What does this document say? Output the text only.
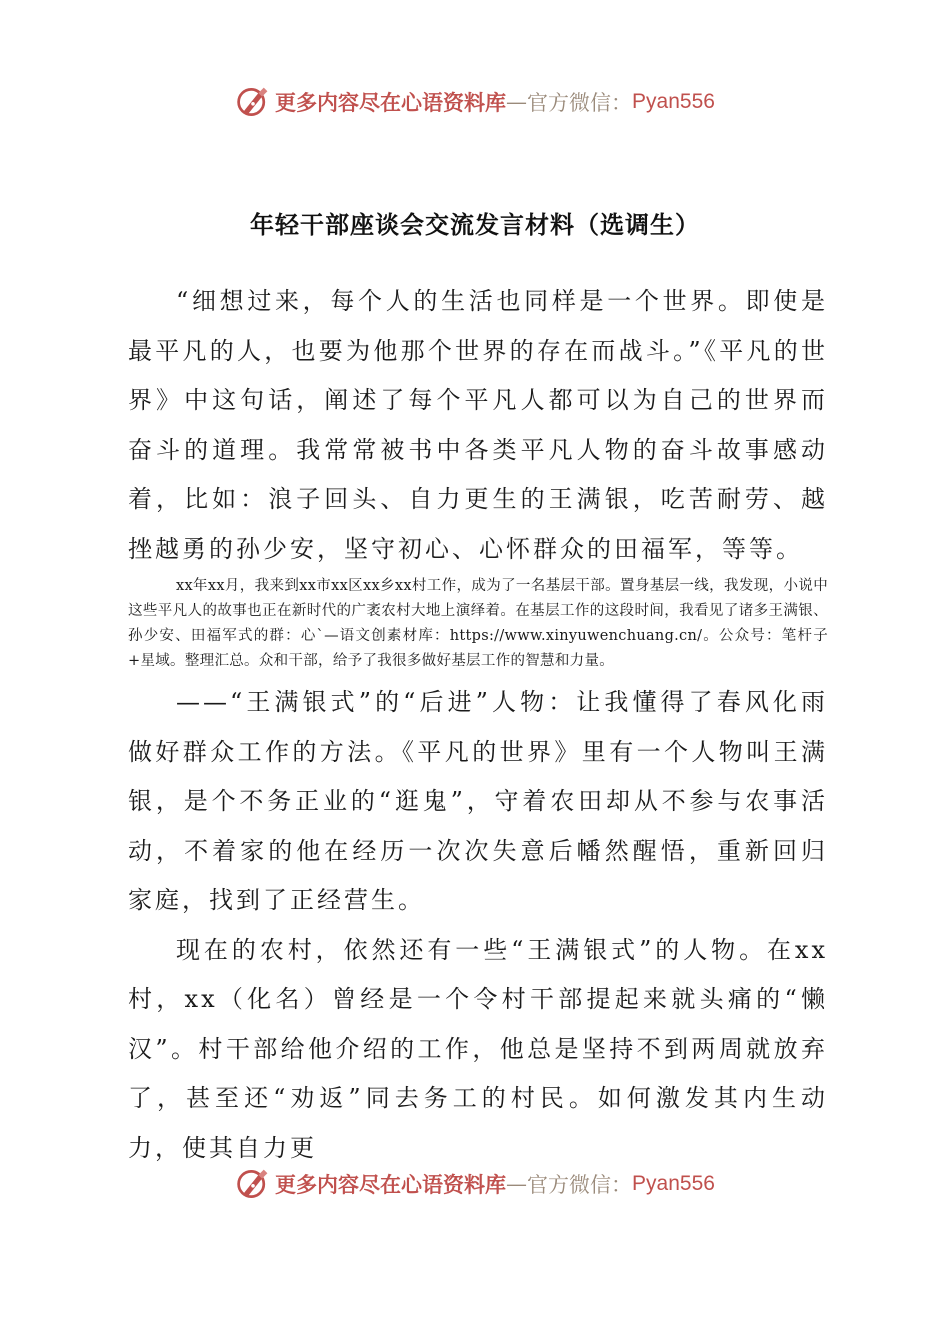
更多内容尽在心语资料库 — 官方微信： Pyan556
年轻干部座谈会交流发言材料（选调生）

“细想过来，每个人的生活也同样是一个世界。即使是最平凡的人，也要为他那个世界的存在而战斗。”《平凡的世界》中这句话，阐述了每个平凡人都可以为自己的世界而奋斗的道理。我常常被书中各类平凡人物的奋斗故事感动着，比如：浪子回头、自力更生的王满银，吃苦耐劳、越挫越勇的孙少安，坚守初心、心怀群众的田福军，等等。

xx年xx月，我来到xx市xx区xx乡xx村工作，成为了一名基层干部。置身基层一线，我发现，小说中这些平凡人的故事也正在新时代的广袤农村大地上演绎着。在基层工作的这段时间，我看见了诸多王满银、孙少安、田福军式的群：心`—语文创素材库：https://www.xinyuwenchuang.cn/。公众号：笔杆子+星域。整理汇总。众和干部，给予了我很多做好基层工作的智慧和力量。

——“王满银式”的“后进”人物：让我懂得了春风化雨做好群众工作的方法。《平凡的世界》里有一个人物叫王满银，是个不务正业的“逛鬼”，守着农田却从不参与农事活动，不着家的他在经历一次次失意后幡然醒悟，重新回归家庭，找到了正经营生。

现在的农村，依然还有一些“王满银式”的人物。在xx村，xx（化名）曾经是一个令村干部提起来就头痛的“懒汉”。村干部给他介绍的工作，他总是坚持不到两周就放弃了，甚至还“劝返”同去务工的村民。如何激发其内生动力，使其自力更

更多内容尽在心语资料库 — 官方微信： Pyan556
